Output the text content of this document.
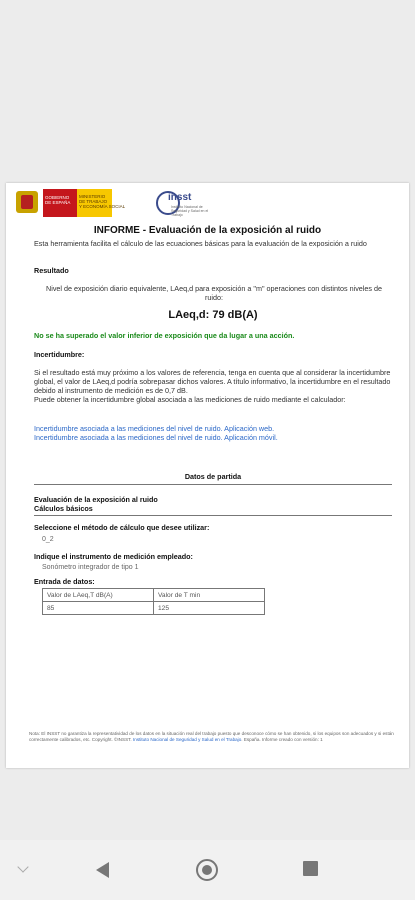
GOBIERNO
DE ESPAÑA
MINISTERIO
DE TRABAJO
Y ECONOMÍA SOCIAL
insst
Instituto Nacional de Seguridad y Salud en el Trabajo
INFORME - Evaluación de la exposición al ruido
Esta herramienta facilita el cálculo de las ecuaciones básicas para la evaluación de la exposición a ruido
Resultado
Nivel de exposición diario equivalente, LAeq,d para exposición a "m" operaciones con distintos niveles de ruido:
LAeq,d: 79 dB(A)
No se ha superado el valor inferior de exposición que da lugar a una acción.
Incertidumbre:
Si el resultado está muy próximo a los valores de referencia, tenga en cuenta que al considerar la incertidumbre global, el valor de LAeq,d podría sobrepasar dichos valores. A título informativo, la incertidumbre en el resultado debido al instrumento de medición es de 0,7 dB.
Puede obtener la incertidumbre global asociada a las mediciones de ruido mediante el calculador:
Incertidumbre asociada a las mediciones del nivel de ruido. Aplicación web.
Incertidumbre asociada a las mediciones del nivel de ruido. Aplicación móvil.
Datos de partida
Evaluación de la exposición al ruido
Cálculos básicos
Seleccione el método de cálculo que desee utilizar:
0_2
Indique el instrumento de medición empleado:
Sonómetro integrador de tipo 1
Entrada de datos:
Valor de LAeq,T dB(A)	Valor de T min
85	125
Nota: El INSST no garantiza la representatividad de los datos en la situación real del trabajo puesto que desconoce cómo se han obtenido, si los equipos son adecuados y si están correctamente calibrados, etc. Copyright. ©INSST. Instituto Nacional de Seguridad y Salud en el Trabajo. España. Informe creado con versión: 1
